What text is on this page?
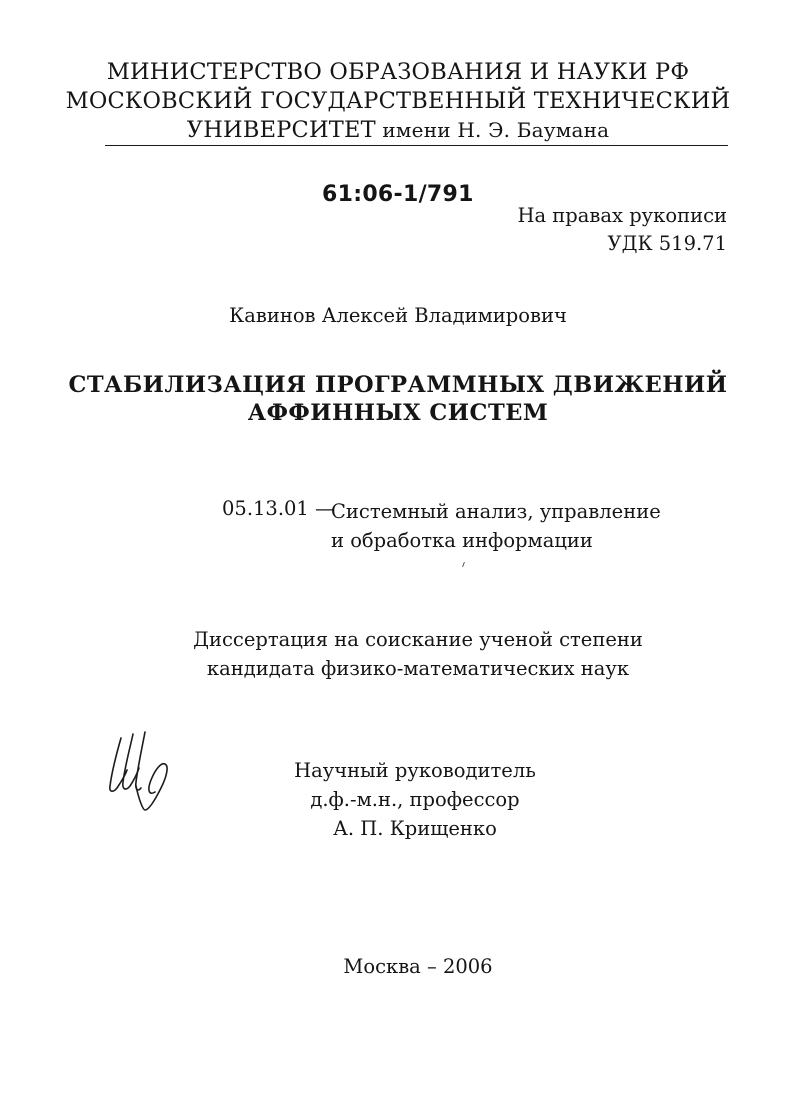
МИНИСТЕРСТВО ОБРАЗОВАНИЯ И НАУКИ РФ
МОСКОВСКИЙ ГОСУДАРСТВЕННЫЙ ТЕХНИЧЕСКИЙ
УНИВЕРСИТЕТ имени Н. Э. Баумана
61:06-1/791
На правах рукописи
УДК 519.71
Кавинов Алексей Владимирович
СТАБИЛИЗАЦИЯ ПРОГРАММНЫХ ДВИЖЕНИЙ
АФФИННЫХ СИСТЕМ
05.13.01 —
Системный анализ, управление
и обработка информации
Диссертация на соискание ученой степени
кандидата физико-математических наук
Научный руководитель
д.ф.-м.н., профессор
А. П. Крищенко
Москва – 2006
